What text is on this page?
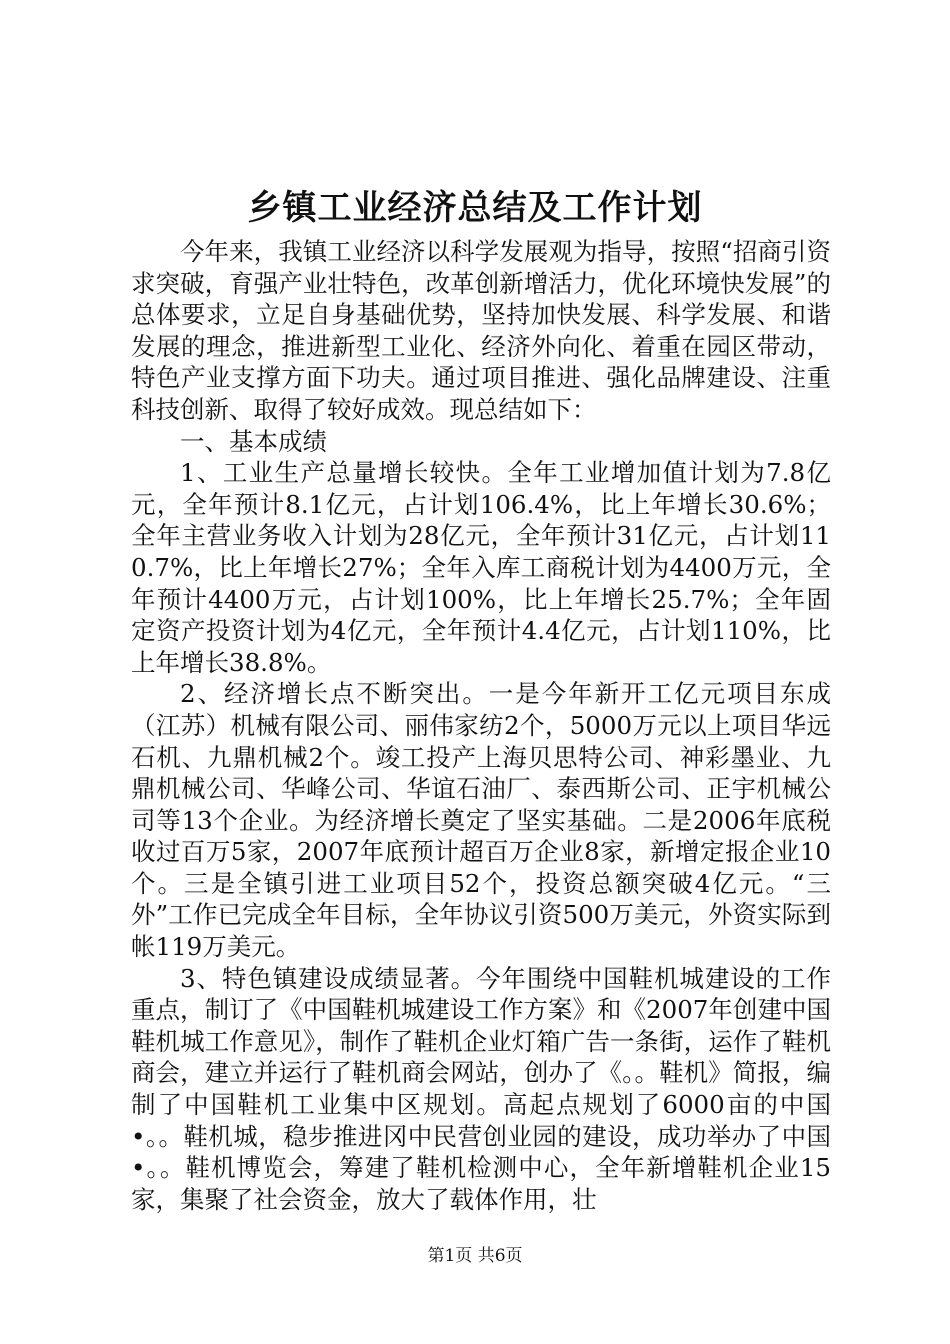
乡镇工业经济总结及工作计划

今年来，我镇工业经济以科学发展观为指导，按照“招商引资求突破，育强产业壮特色，改革创新增活力，优化环境快发展”的总体要求，立足自身基础优势，坚持加快发展、科学发展、和谐发展的理念，推进新型工业化、经济外向化、着重在园区带动，特色产业支撑方面下功夫。通过项目推进、强化品牌建设、注重科技创新、取得了较好成效。现总结如下：

一、基本成绩

1、工业生产总量增长较快。全年工业增加值计划为7.8亿元，全年预计8.1亿元，占计划106.4%，比上年增长30.6%；全年主营业务收入计划为28亿元，全年预计31亿元，占计划110.7%，比上年增长27%；全年入库工商税计划为4400万元，全年预计4400万元，占计划100%，比上年增长25.7%；全年固定资产投资计划为4亿元，全年预计4.4亿元，占计划110%，比上年增长38.8%。

2、经济增长点不断突出。一是今年新开工亿元项目东成（江苏）机械有限公司、丽伟家纺2个，5000万元以上项目华远石机、九鼎机械2个。竣工投产上海贝思特公司、神彩墨业、九鼎机械公司、华峰公司、华谊石油厂、泰西斯公司、正宇机械公司等13个企业。为经济增长奠定了坚实基础。二是2006年底税收过百万5家，2007年底预计超百万企业8家，新增定报企业10个。三是全镇引进工业项目52个，投资总额突破4亿元。“三外”工作已完成全年目标，全年协议引资500万美元，外资实际到帐119万美元。

3、特色镇建设成绩显著。今年围绕中国鞋机城建设的工作重点，制订了《中国鞋机城建设工作方案》和《2007年创建中国鞋机城工作意见》，制作了鞋机企业灯箱广告一条街，运作了鞋机商会，建立并运行了鞋机商会网站，创办了《。。鞋机》简报，编制了中国鞋机工业集中区规划。高起点规划了6000亩的中国•。。鞋机城，稳步推进冈中民营创业园的建设，成功举办了中国•。。鞋机博览会，筹建了鞋机检测中心，全年新增鞋机企业15家，集聚了社会资金，放大了载体作用，壮

第1页 共6页
